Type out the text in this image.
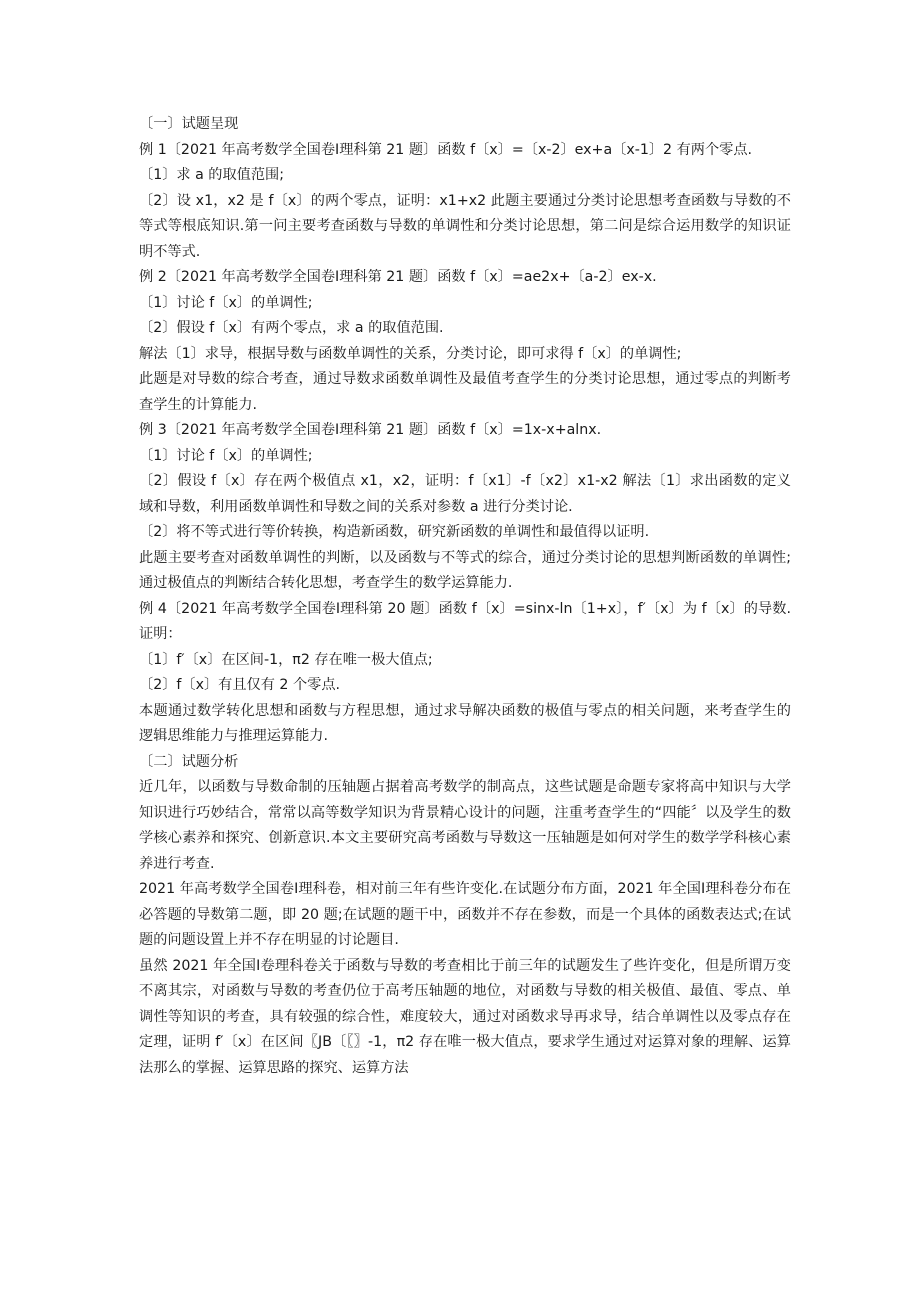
〔一〕试题呈现

例 1〔2021 年高考数学全国卷Ⅰ理科第 21 题〕函数 f〔x〕=〔x-2〕ex+a〔x-1〕2 有两个零点.

〔1〕求 a 的取值范围;

〔2〕设 x1，x2 是 f〔x〕的两个零点，证明：x1+x2 此题主要通过分类讨论思想考查函数与导数的不等式等根底知识.第一问主要考查函数与导数的单调性和分类讨论思想，第二问是综合运用数学的知识证明不等式.

例 2〔2021 年高考数学全国卷Ⅰ理科第 21 题〕函数 f〔x〕=ae2x+〔a-2〕ex-x.

〔1〕讨论 f〔x〕的单调性;

〔2〕假设 f〔x〕有两个零点，求 a 的取值范围.

解法〔1〕求导，根据导数与函数单调性的关系，分类讨论，即可求得 f〔x〕的单调性;

此题是对导数的综合考查，通过导数求函数单调性及最值考查学生的分类讨论思想，通过零点的判断考查学生的计算能力.

例 3〔2021 年高考数学全国卷Ⅰ理科第 21 题〕函数 f〔x〕=1x-x+alnx.

〔1〕讨论 f〔x〕的单调性;

〔2〕假设 f〔x〕存在两个极值点 x1，x2，证明：f〔x1〕-f〔x2〕x1-x2 解法〔1〕求出函数的定义域和导数，利用函数单调性和导数之间的关系对参数 a 进行分类讨论.

〔2〕将不等式进行等价转换，构造新函数，研究新函数的单调性和最值得以证明.

此题主要考查对函数单调性的判断，以及函数与不等式的综合，通过分类讨论的思想判断函数的单调性;通过极值点的判断结合转化思想，考查学生的数学运算能力.

例 4〔2021 年高考数学全国卷Ⅰ理科第 20 题〕函数 f〔x〕=sinx-ln〔1+x〕，f′〔x〕为 f〔x〕的导数.证明：

〔1〕f′〔x〕在区间-1，π2 存在唯一极大值点;

〔2〕f〔x〕有且仅有 2 个零点.

本题通过数学转化思想和函数与方程思想，通过求导解决函数的极值与零点的相关问题，来考查学生的逻辑思维能力与推理运算能力.

〔二〕试题分析

近几年，以函数与导数命制的压轴题占据着高考数学的制高点，这些试题是命题专家将高中知识与大学知识进行巧妙结合，常常以高等数学知识为背景精心设计的问题，注重考查学生的“四能〞以及学生的数学核心素养和探究、创新意识.本文主要研究高考函数与导数这一压轴题是如何对学生的数学学科核心素养进行考查.

2021 年高考数学全国卷Ⅰ理科卷，相对前三年有些许变化.在试题分布方面，2021 年全国Ⅰ理科卷分布在必答题的导数第二题，即 20 题;在试题的题干中，函数并不存在参数，而是一个具体的函数表达式;在试题的问题设置上并不存在明显的讨论题目.

虽然 2021 年全国Ⅰ卷理科卷关于函数与导数的考查相比于前三年的试题发生了些许变化，但是所谓万变不离其宗，对函数与导数的考查仍位于高考压轴题的地位，对函数与导数的相关极值、最值、零点、单调性等知识的考查，具有较强的综合性，难度较大，通过对函数求导再求导，结合单调性以及零点存在定理，证明 f′〔x〕在区间〖JB〔〖〗-1，π2 存在唯一极大值点，要求学生通过对运算对象的理解、运算法那么的掌握、运算思路的探究、运算方法
